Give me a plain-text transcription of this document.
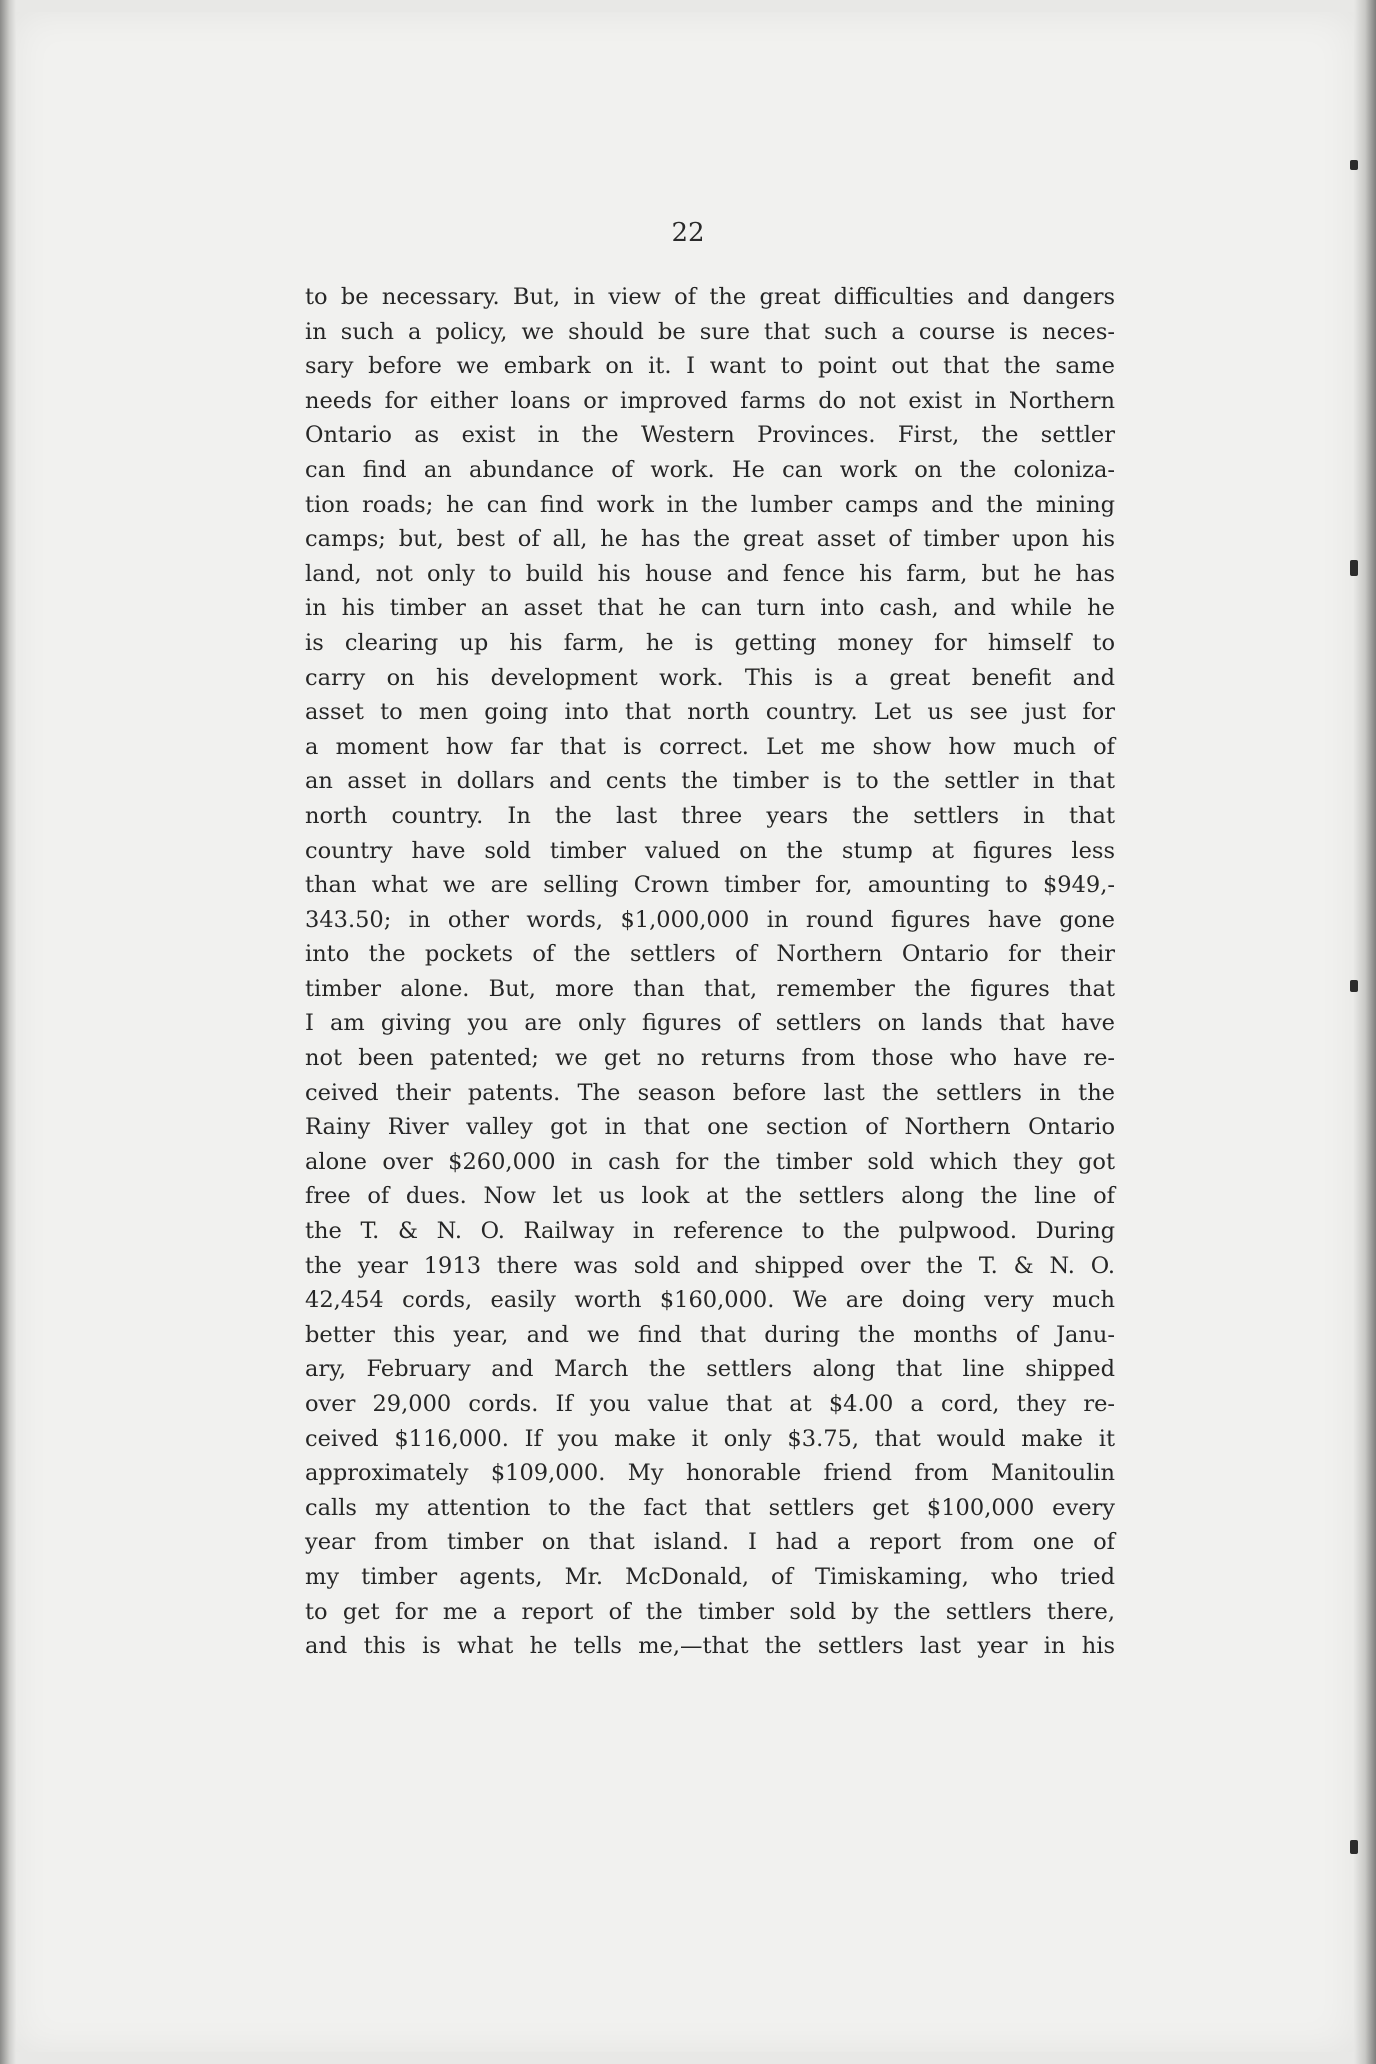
22
to be necessary. But, in view of the great difficulties and dangers
in such a policy, we should be sure that such a course is neces-
sary before we embark on it. I want to point out that the same
needs for either loans or improved farms do not exist in Northern
Ontario as exist in the Western Provinces. First, the settler
can find an abundance of work. He can work on the coloniza-
tion roads; he can find work in the lumber camps and the mining
camps; but, best of all, he has the great asset of timber upon his
land, not only to build his house and fence his farm, but he has
in his timber an asset that he can turn into cash, and while he
is clearing up his farm, he is getting money for himself to
carry on his development work. This is a great benefit and
asset to men going into that north country. Let us see just for
a moment how far that is correct. Let me show how much of
an asset in dollars and cents the timber is to the settler in that
north country. In the last three years the settlers in that
country have sold timber valued on the stump at figures less
than what we are selling Crown timber for, amounting to $949,-
343.50; in other words, $1,000,000 in round figures have gone
into the pockets of the settlers of Northern Ontario for their
timber alone. But, more than that, remember the figures that
I am giving you are only figures of settlers on lands that have
not been patented; we get no returns from those who have re-
ceived their patents. The season before last the settlers in the
Rainy River valley got in that one section of Northern Ontario
alone over $260,000 in cash for the timber sold which they got
free of dues. Now let us look at the settlers along the line of
the T. & N. O. Railway in reference to the pulpwood. During
the year 1913 there was sold and shipped over the T. & N. O.
42,454 cords, easily worth $160,000. We are doing very much
better this year, and we find that during the months of Janu-
ary, February and March the settlers along that line shipped
over 29,000 cords. If you value that at $4.00 a cord, they re-
ceived $116,000. If you make it only $3.75, that would make it
approximately $109,000. My honorable friend from Manitoulin
calls my attention to the fact that settlers get $100,000 every
year from timber on that island. I had a report from one of
my timber agents, Mr. McDonald, of Timiskaming, who tried
to get for me a report of the timber sold by the settlers there,
and this is what he tells me,—that the settlers last year in his
